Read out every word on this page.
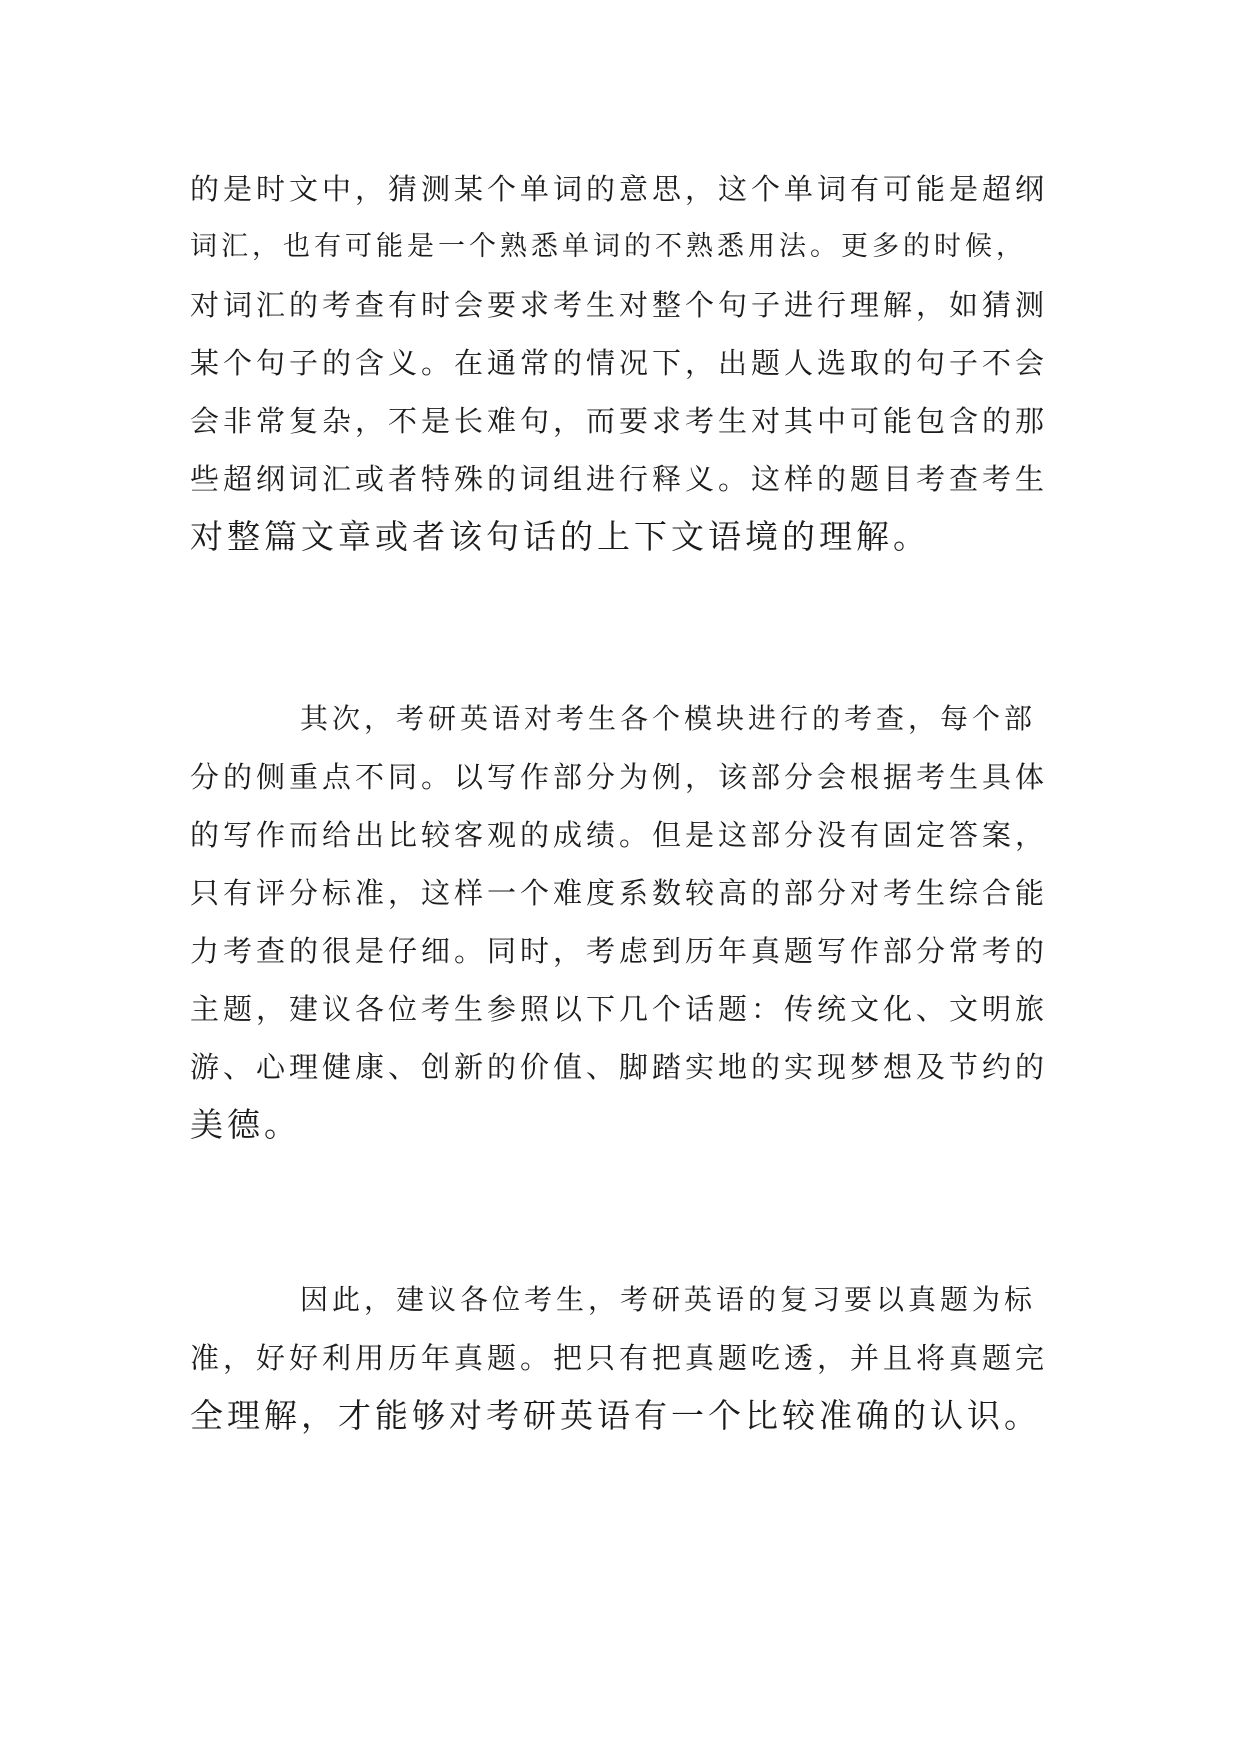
的是时文中，猜测某个单词的意思，这个单词有可能是超纲
词汇，也有可能是一个熟悉单词的不熟悉用法。更多的时候，
对词汇的考查有时会要求考生对整个句子进行理解，如猜测
某个句子的含义。在通常的情况下，出题人选取的句子不会
会非常复杂，不是长难句，而要求考生对其中可能包含的那
些超纲词汇或者特殊的词组进行释义。这样的题目考查考生
对整篇文章或者该句话的上下文语境的理解。
其次，考研英语对考生各个模块进行的考查，每个部
分的侧重点不同。以写作部分为例，该部分会根据考生具体
的写作而给出比较客观的成绩。但是这部分没有固定答案，
只有评分标准，这样一个难度系数较高的部分对考生综合能
力考查的很是仔细。同时，考虑到历年真题写作部分常考的
主题，建议各位考生参照以下几个话题：传统文化、文明旅
游、心理健康、创新的价值、脚踏实地的实现梦想及节约的
美德。
因此，建议各位考生，考研英语的复习要以真题为标
准，好好利用历年真题。把只有把真题吃透，并且将真题完
全理解，才能够对考研英语有一个比较准确的认识。
